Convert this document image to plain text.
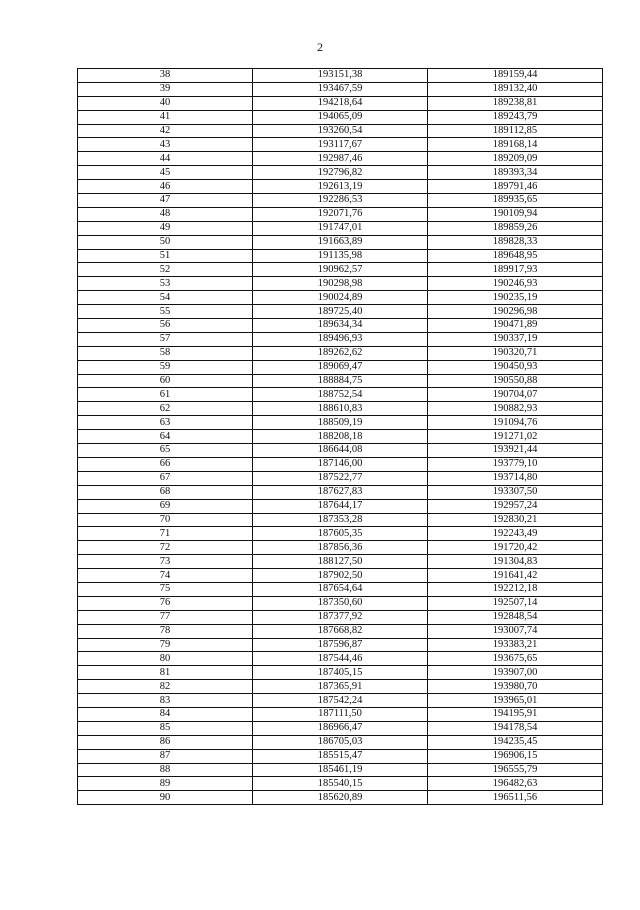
2
38	193151,38	189159,44
39	193467,59	189132,40
40	194218,64	189238,81
41	194065,09	189243,79
42	193260,54	189112,85
43	193117,67	189168,14
44	192987,46	189209,09
45	192796,82	189393,34
46	192613,19	189791,46
47	192286,53	189935,65
48	192071,76	190109,94
49	191747,01	189859,26
50	191663,89	189828,33
51	191135,98	189648,95
52	190962,57	189917,93
53	190298,98	190246,93
54	190024,89	190235,19
55	189725,40	190296,98
56	189634,34	190471,89
57	189496,93	190337,19
58	189262,62	190320,71
59	189069,47	190450,93
60	188884,75	190550,88
61	188752,54	190704,07
62	188610,83	190882,93
63	188509,19	191094,76
64	188208,18	191271,02
65	186644,08	193921,44
66	187146,00	193779,10
67	187522,77	193714,80
68	187627,83	193307,50
69	187644,17	192957,24
70	187353,28	192830,21
71	187605,35	192243,49
72	187856,36	191720,42
73	188127,50	191304,83
74	187902,50	191641,42
75	187654,64	192212,18
76	187350,60	192507,14
77	187377,92	192848,54
78	187668,82	193007,74
79	187596,87	193383,21
80	187544,46	193675,65
81	187405,15	193907,00
82	187365,91	193980,70
83	187542,24	193965,01
84	187111,50	194195,91
85	186966,47	194178,54
86	186705,03	194235,45
87	185515,47	196906,15
88	185461,19	196555,79
89	185540,15	196482,63
90	185620,89	196511,56
